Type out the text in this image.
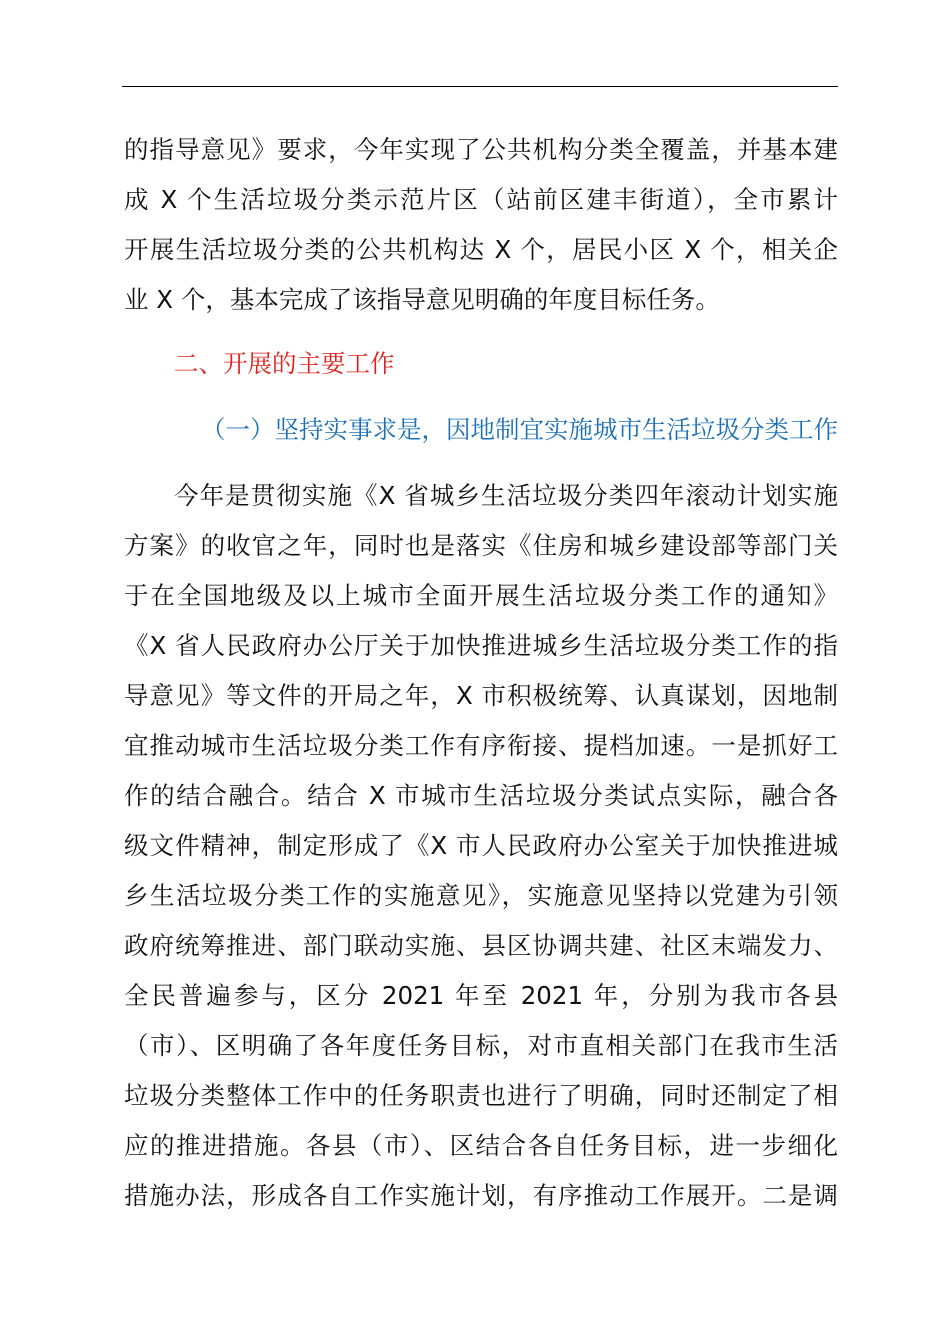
的指导意见》要求，今年实现了公共机构分类全覆盖，并基本建
成 X 个生活垃圾分类示范片区（站前区建丰街道），全市累计
开展生活垃圾分类的公共机构达 X 个，居民小区 X 个，相关企
业 X 个，基本完成了该指导意见明确的年度目标任务。
二、开展的主要工作
（一）坚持实事求是，因地制宜实施城市生活垃圾分类工作
今年是贯彻实施《X 省城乡生活垃圾分类四年滚动计划实施
方案》的收官之年，同时也是落实《住房和城乡建设部等部门关
于在全国地级及以上城市全面开展生活垃圾分类工作的通知》
《X 省人民政府办公厅关于加快推进城乡生活垃圾分类工作的指
导意见》等文件的开局之年，X 市积极统筹、认真谋划，因地制
宜推动城市生活垃圾分类工作有序衔接、提档加速。一是抓好工
作的结合融合。结合 X 市城市生活垃圾分类试点实际，融合各
级文件精神，制定形成了《X 市人民政府办公室关于加快推进城
乡生活垃圾分类工作的实施意见》，实施意见坚持以党建为引领
政府统筹推进、部门联动实施、县区协调共建、社区末端发力、
全民普遍参与，区分 2021 年至 2021 年，分别为我市各县
（市）、区明确了各年度任务目标，对市直相关部门在我市生活
垃圾分类整体工作中的任务职责也进行了明确，同时还制定了相
应的推进措施。各县（市）、区结合各自任务目标，进一步细化
措施办法，形成各自工作实施计划，有序推动工作展开。二是调
